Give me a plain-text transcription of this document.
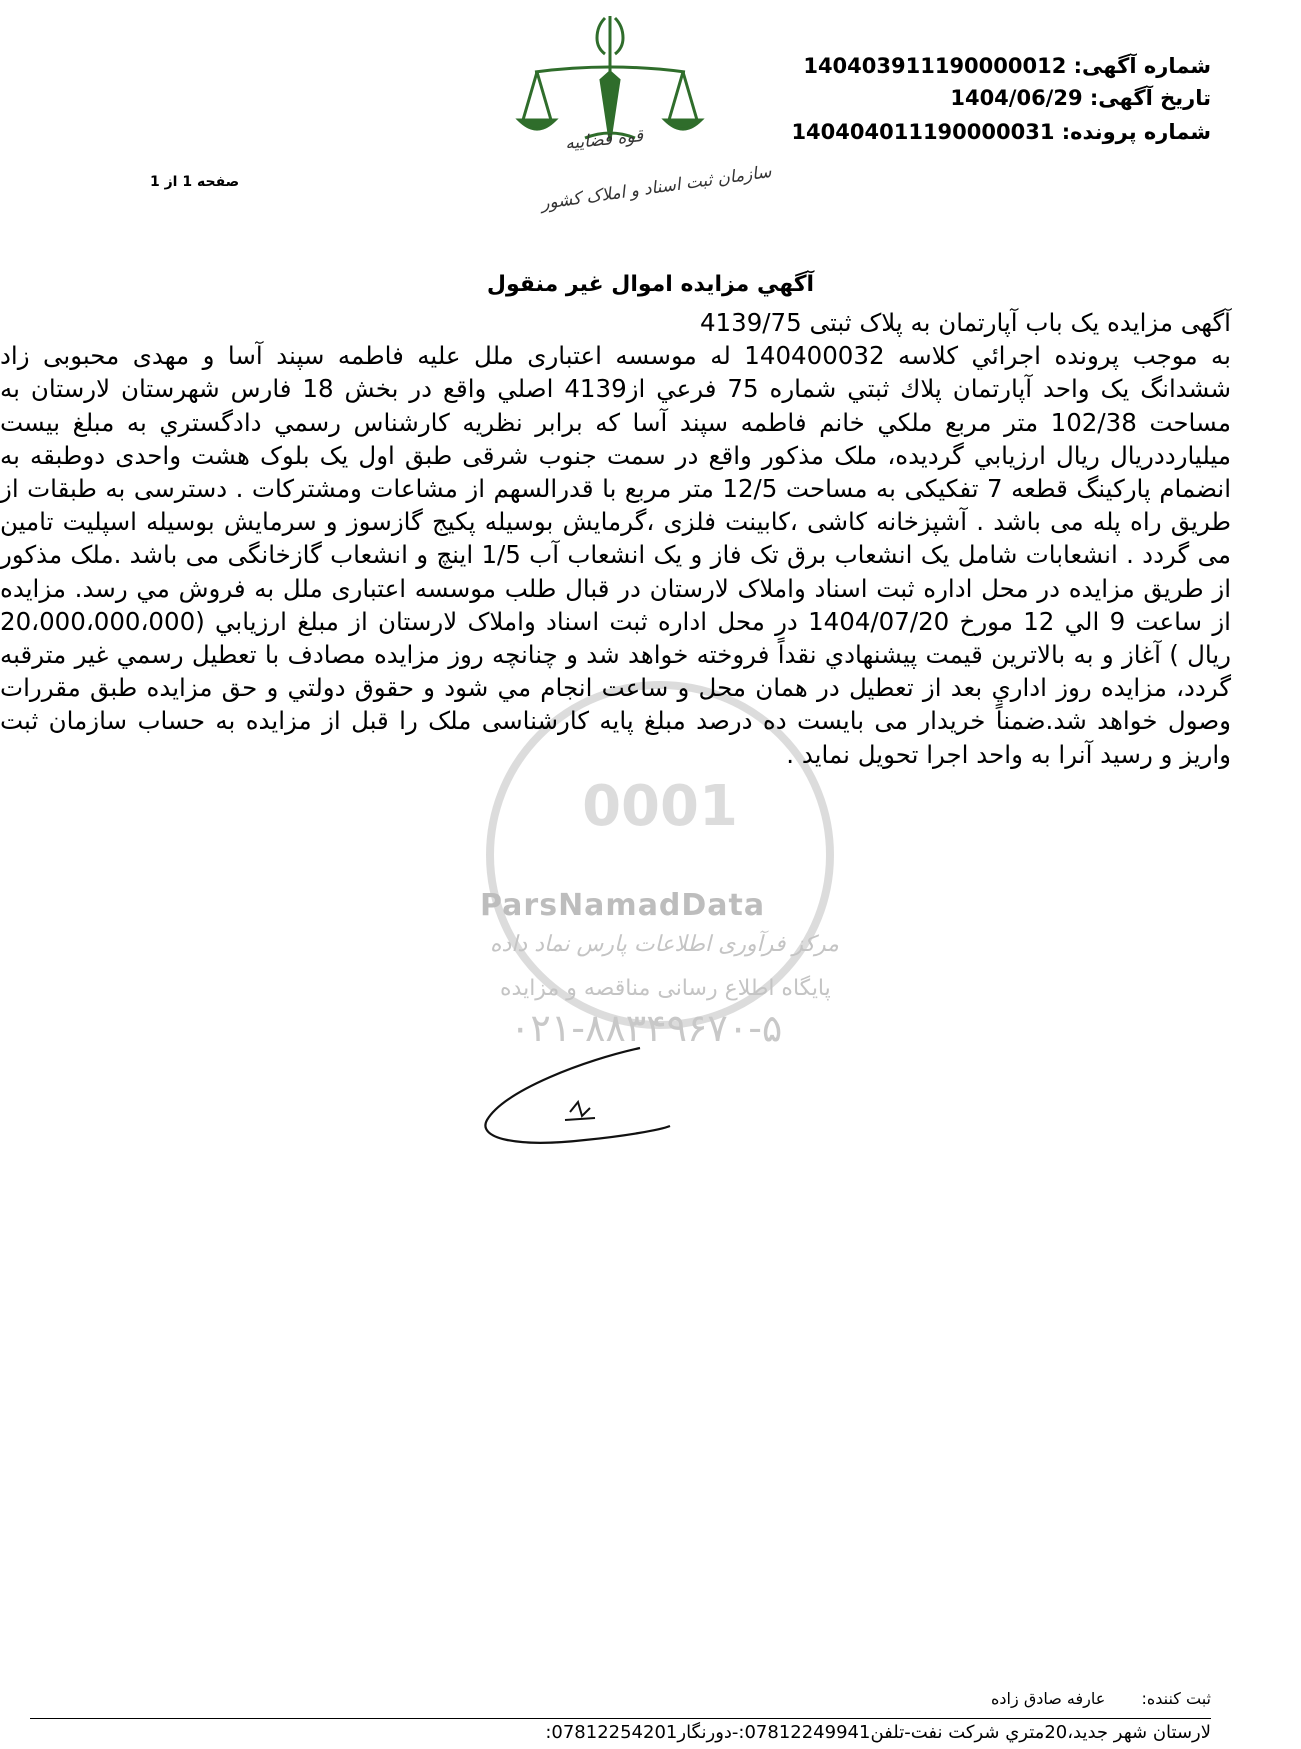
قوه قضاییه
سازمان ثبت اسناد و املاک کشور
شماره آگهی: 140403911190000012
تاریخ آگهی: 1404/06/29
شماره پرونده: 140404011190000031
صفحه 1 از 1
آگهي مزايده اموال غير منقول
0001
ParsNamadData
مرکز فرآوری اطلاعات پارس نماد داده
پایگاه اطلاع رسانی مناقصه و مزایده
۰۲۱-۸۸۳۴۹۶۷۰-۵

آگهی مزایده یک باب آپارتمان به پلاک ثبتی 4139/75

به موجب پرونده اجرائي كلاسه 140400032 له موسسه اعتباری ملل علیه فاطمه سپند آسا و مهدی محبوبی زاد ششدانگ یک واحد آپارتمان پلاك ثبتي شماره 75 فرعي از4139 اصلي واقع در بخش 18 فارس شهرستان لارستان به مساحت 102/38 متر مربع ملكي خانم فاطمه سپند آسا که برابر نظریه کارشناس رسمي دادگستري به مبلغ بیست میلیارددریال ريال ارزيابي گرديده، ملک مذکور واقع در سمت جنوب شرقی طبق اول یک بلوک هشت واحدی دوطبقه به انضمام پارکینگ قطعه 7 تفکیکی به مساحت 12/5 متر مربع با قدرالسهم از مشاعات ومشترکات . دسترسی به طبقات از طریق راه پله می باشد . آشپزخانه کاشی ،کابینت فلزی ،گرمایش بوسیله پکیج گازسوز و سرمایش بوسیله اسپلیت تامین می گردد . انشعابات شامل یک انشعاب برق تک فاز و یک انشعاب آب 1/5 اینچ و انشعاب گازخانگی می باشد .ملک مذکور از طریق مزایده در محل اداره ثبت اسناد واملاک لارستان در قبال طلب موسسه اعتباری ملل به فروش مي رسد. مزايده از ساعت 9 الي 12 مورخ 1404/07/20 در محل اداره ثبت اسناد واملاک لارستان از مبلغ ارزيابي (20،000،000،000 ريال ) آغاز و به بالاترين قيمت پيشنهادي نقداً فروخته خواهد شد و چنانچه روز مزايده مصادف با تعطيل رسمي غير مترقبه گردد، مزايده روز اداري بعد از تعطيل در همان محل و ساعت انجام مي شود و حقوق دولتي و حق مزايده طبق مقررات وصول خواهد شد.ضمناً خریدار می بایست ده درصد مبلغ پایه کارشناسی ملک را قبل از مزایده به حساب سازمان ثبت واریز و رسید آنرا به واحد اجرا تحویل نماید .

ثبت کننده:  عارفه صادق زاده
لارستان شهر جديد،20متري شرکت نفت-تلفن07812249941:-دورنگار07812254201:
